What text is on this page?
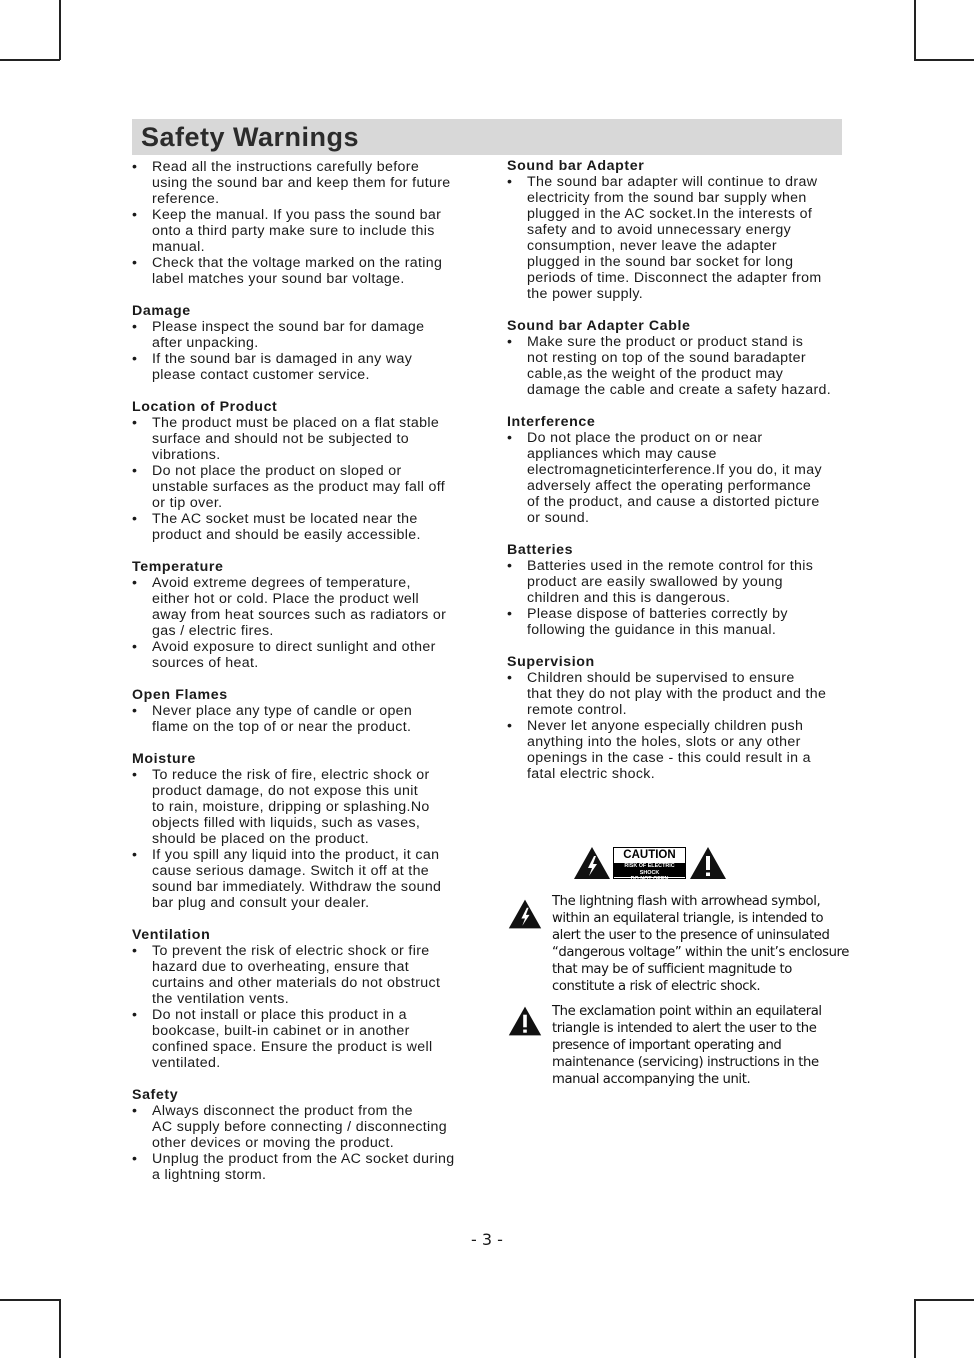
Safety Warnings
• Read all the instructions carefully before
using the sound bar and keep them for future
reference.
• Keep the manual. If you pass the sound bar
onto a third party make sure to include this
manual.
• Check that the voltage marked on the rating
label matches your sound bar voltage.
Damage
• Please inspect the sound bar for damage
after unpacking.
• If the sound bar is damaged in any way
please contact customer service.
Location of Product
• The product must be placed on a flat stable
surface and should not be subjected to
vibrations.
• Do not place the product on sloped or
unstable surfaces as the product may fall off
or tip over.
• The AC socket must be located near the
product and should be easily accessible.
Temperature
• Avoid extreme degrees of temperature,
either hot or cold. Place the product well
away from heat sources such as radiators or
gas / electric fires.
• Avoid exposure to direct sunlight and other
sources of heat.
Open Flames
• Never place any type of candle or open
flame on the top of or near the product.
Moisture
• To reduce the risk of fire, electric shock or
product damage, do not expose this unit
to rain, moisture, dripping or splashing.No
objects filled with liquids, such as vases,
should be placed on the product.
• If you spill any liquid into the product, it can
cause serious damage. Switch it off at the
sound bar immediately. Withdraw the sound
bar plug and consult your dealer.
Ventilation
• To prevent the risk of electric shock or fire
hazard due to overheating, ensure that
curtains and other materials do not obstruct
the ventilation vents.
• Do not install or place this product in a
bookcase, built-in cabinet or in another
confined space. Ensure the product is well
ventilated.
Safety
• Always disconnect the product from the
AC supply before connecting / disconnecting
other devices or moving the product.
• Unplug the product from the AC socket during
a lightning storm.
Sound bar Adapter
• The sound bar adapter will continue to draw
electricity from the sound bar supply when
plugged in the AC socket.In the interests of
safety and to avoid unnecessary energy
consumption, never leave the adapter
plugged in the sound bar socket for long
periods of time. Disconnect the adapter from
the power supply.
Sound bar Adapter Cable
• Make sure the product or product stand is
not resting on top of the sound baradapter
cable,as the weight of the product may
damage the cable and create a safety hazard.
Interference
• Do not place the product on or near
appliances which may cause
electromagneticinterference.If you do, it may
adversely affect the operating performance
of the product, and cause a distorted picture
or sound.
Batteries
• Batteries used in the remote control for this
product are easily swallowed by young
children and this is dangerous.
• Please dispose of batteries correctly by
following the guidance in this manual.
Supervision
• Children should be supervised to ensure
that they do not play with the product and the
remote control.
• Never let anyone especially children push
anything into the holes, slots or any other
openings in the case - this could result in a
fatal electric shock.
CAUTION
RISK OF ELECTRIC SHOCK
DO NOT OPEN

The lightning flash with arrowhead symbol,
within an equilateral triangle, is intended to
alert the user to the presence of uninsulated
“dangerous voltage” within the unit’s enclosure
that may be of sufficient magnitude to
constitute a risk of electric shock.

The exclamation point within an equilateral
triangle is intended to alert the user to the
presence of important operating and
maintenance (servicing) instructions in the
manual accompanying the unit.

- 3 -
